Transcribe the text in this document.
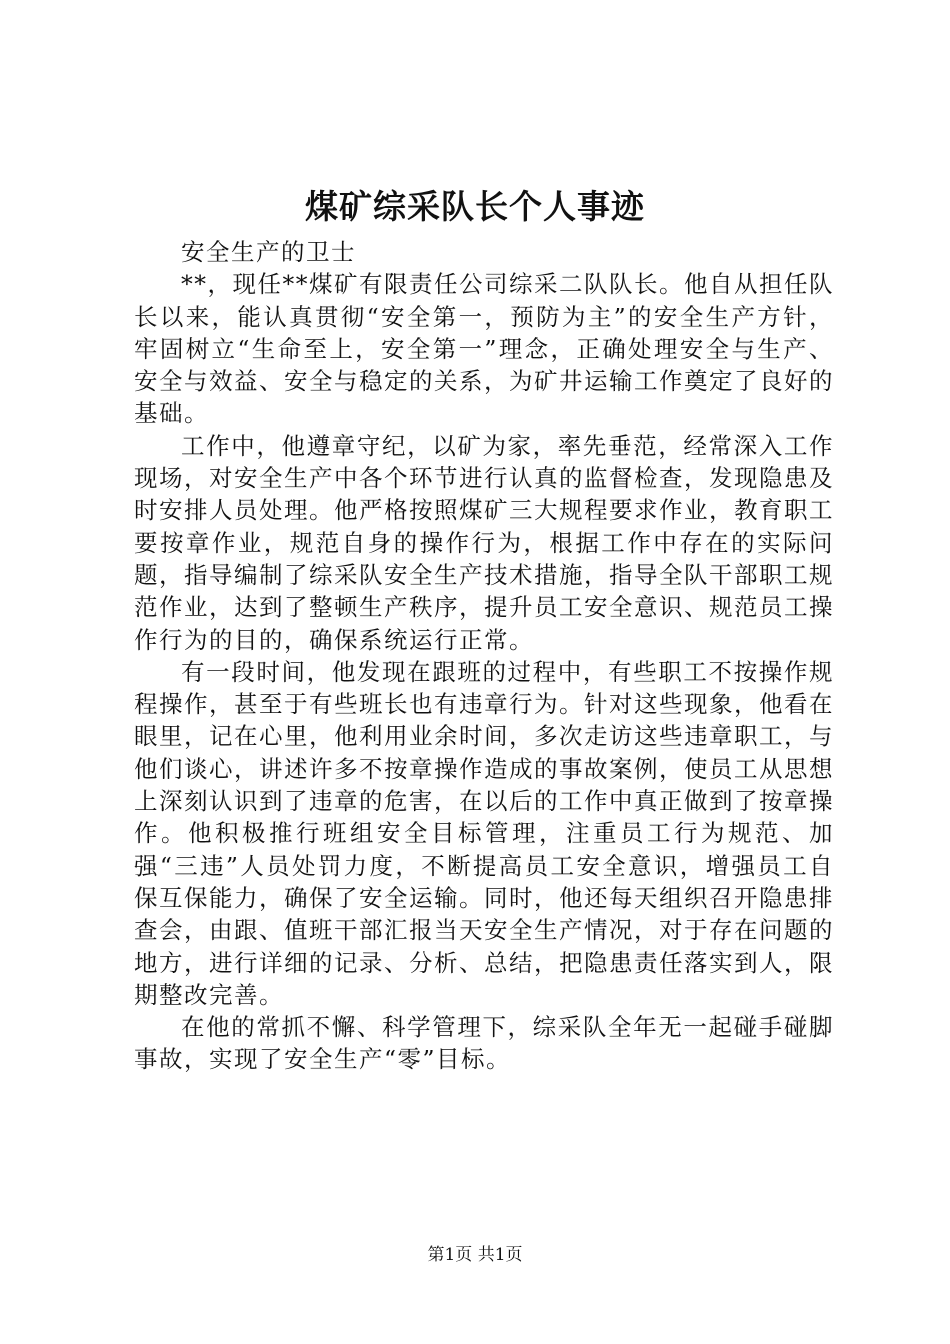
煤矿综采队长个人事迹
安全生产的卫士

**，现任**煤矿有限责任公司综采二队队长。他自从担任队长以来，能认真贯彻“安全第一，预防为主”的安全生产方针，牢固树立“生命至上，安全第一”理念，正确处理安全与生产、安全与效益、安全与稳定的关系，为矿井运输工作奠定了良好的基础。

工作中，他遵章守纪，以矿为家，率先垂范，经常深入工作现场，对安全生产中各个环节进行认真的监督检查，发现隐患及时安排人员处理。他严格按照煤矿三大规程要求作业，教育职工要按章作业，规范自身的操作行为，根据工作中存在的实际问题，指导编制了综采队安全生产技术措施，指导全队干部职工规范作业，达到了整顿生产秩序，提升员工安全意识、规范员工操作行为的目的，确保系统运行正常。

有一段时间，他发现在跟班的过程中，有些职工不按操作规程操作，甚至于有些班长也有违章行为。针对这些现象，他看在眼里，记在心里，他利用业余时间，多次走访这些违章职工，与他们谈心，讲述许多不按章操作造成的事故案例，使员工从思想上深刻认识到了违章的危害，在以后的工作中真正做到了按章操作。他积极推行班组安全目标管理，注重员工行为规范、加强“三违”人员处罚力度，不断提高员工安全意识，增强员工自保互保能力，确保了安全运输。同时，他还每天组织召开隐患排查会，由跟、值班干部汇报当天安全生产情况，对于存在问题的地方，进行详细的记录、分析、总结，把隐患责任落实到人，限期整改完善。

在他的常抓不懈、科学管理下，综采队全年无一起碰手碰脚事故，实现了安全生产“零”目标。

第1页 共1页
